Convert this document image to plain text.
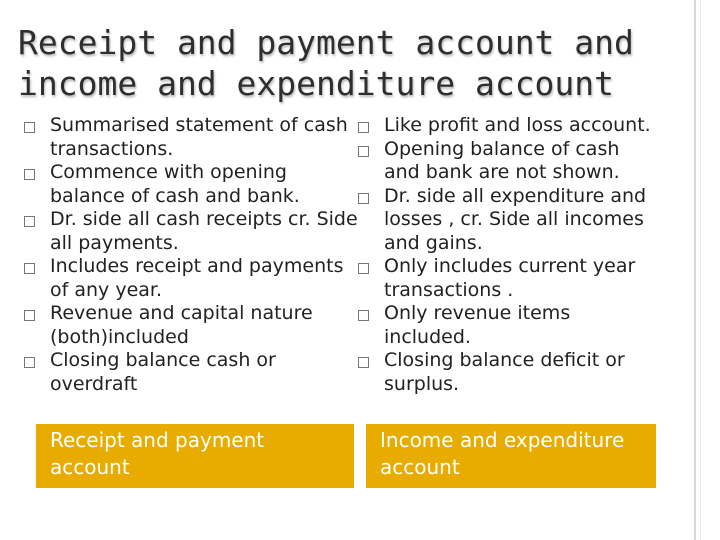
Receipt and payment account and income and expenditure account
Summarised statement of cash transactions.
Commence with opening balance of cash and bank.
Dr. side all cash receipts cr. Side all payments.
Includes receipt and payments of any year.
Revenue and capital nature (both)included
Closing balance cash or overdraft
Like profit and loss account.
Opening balance of cash and bank are not shown.
Dr. side all expenditure and losses , cr. Side all incomes and gains.
Only includes current year transactions .
Only revenue items included.
Closing balance deficit or surplus.
Receipt and payment account
Income and expenditure account
